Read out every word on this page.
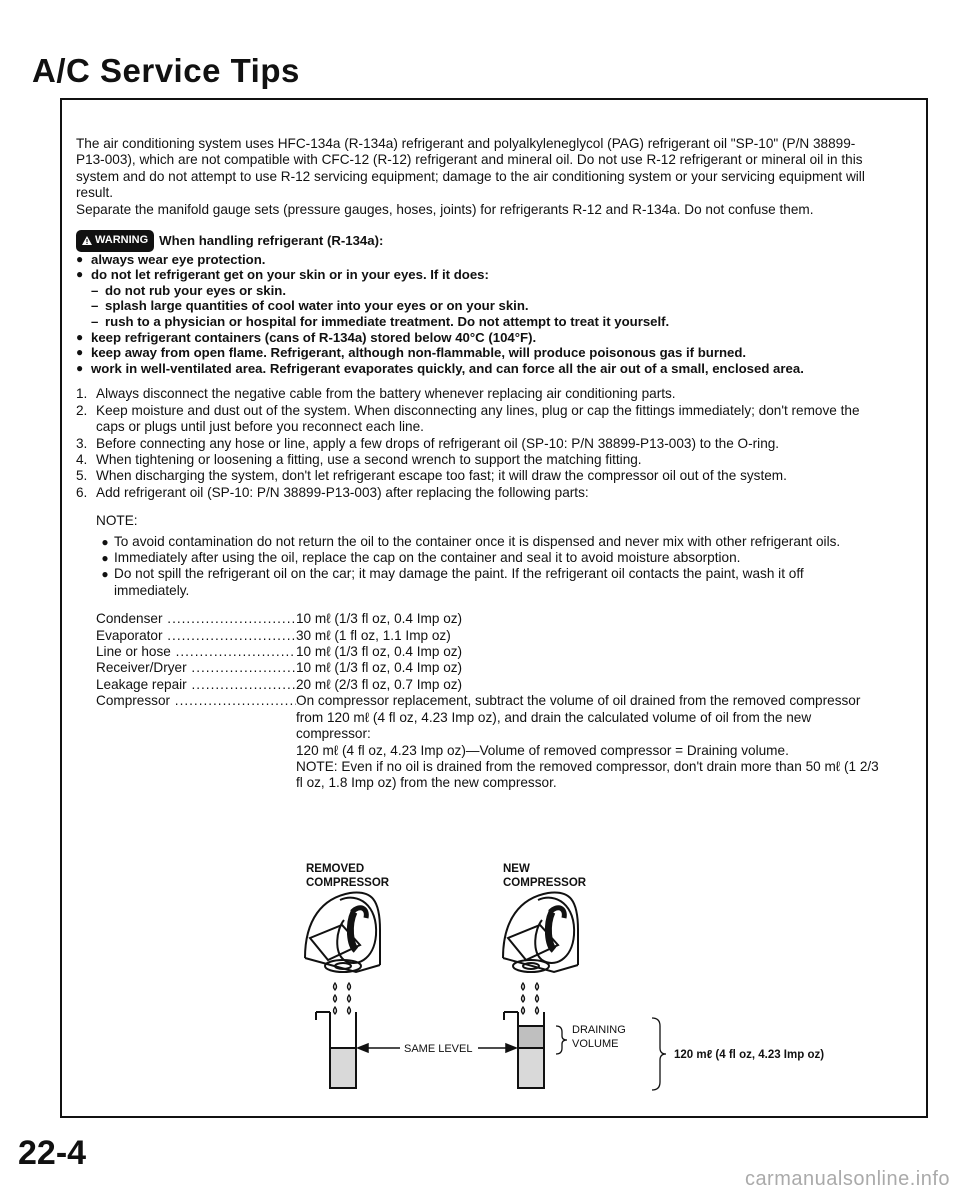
A/C Service Tips

The air conditioning system uses HFC-134a (R-134a) refrigerant and polyalkyleneglycol (PAG) refrigerant oil "SP-10" (P/N 38899-P13-003), which are not compatible with CFC-12 (R-12) refrigerant and mineral oil. Do not use R-12 refrigerant or mineral oil in this system and do not attempt to use R-12 servicing equipment; damage to the air conditioning system or your servicing equipment will result.

Separate the manifold gauge sets (pressure gauges, hoses, joints) for refrigerants R-12 and R-134a. Do not confuse them.

WARNING When handling refrigerant (R-134a):
● always wear eye protection.
● do not let refrigerant get on your skin or in your eyes. If it does:
– do not rub your eyes or skin.
– splash large quantities of cool water into your eyes or on your skin.
– rush to a physician or hospital for immediate treatment. Do not attempt to treat it yourself.
● keep refrigerant containers (cans of R-134a) stored below 40°C (104°F).
● keep away from open flame. Refrigerant, although non-flammable, will produce poisonous gas if burned.
● work in well-ventilated area. Refrigerant evaporates quickly, and can force all the air out of a small, enclosed area.
1. Always disconnect the negative cable from the battery whenever replacing air conditioning parts.
2. Keep moisture and dust out of the system. When disconnecting any lines, plug or cap the fittings immediately; don't remove the caps or plugs until just before you reconnect each line.
3. Before connecting any hose or line, apply a few drops of refrigerant oil (SP-10: P/N 38899-P13-003) to the O-ring.
4. When tightening or loosening a fitting, use a second wrench to support the matching fitting.
5. When discharging the system, don't let refrigerant escape too fast; it will draw the compressor oil out of the system.
6. Add refrigerant oil (SP-10: P/N 38899-P13-003) after replacing the following parts:
NOTE:
● To avoid contamination do not return the oil to the container once it is dispensed and never mix with other refrigerant oils.
● Immediately after using the oil, replace the cap on the container and seal it to avoid moisture absorption.
● Do not spill the refrigerant oil on the car; it may damage the paint. If the refrigerant oil contacts the paint, wash it off immediately.
Condenser .....	10 mℓ (1/3 fl oz, 0.4 Imp oz)
Evaporator .....	30 mℓ (1 fl oz, 1.1 Imp oz)
Line or hose .....	10 mℓ (1/3 fl oz, 0.4 Imp oz)
Receiver/Dryer .....	10 mℓ (1/3 fl oz, 0.4 Imp oz)
Leakage repair .....	20 mℓ (2/3 fl oz, 0.7 Imp oz)
Compressor .....	On compressor replacement, subtract the volume of oil drained from the removed compressor from 120 mℓ (4 fl oz, 4.23 Imp oz), and drain the calculated volume of oil from the new compressor:
120 mℓ (4 fl oz, 4.23 Imp oz)—Volume of removed compressor = Draining volume.
NOTE: Even if no oil is drained from the removed compressor, don't drain more than 50 mℓ (1 2/3 fl oz, 1.8 Imp oz) from the new compressor.
REMOVED
COMPRESSOR
NEW
COMPRESSOR
SAME LEVEL
DRAINING
VOLUME
120 mℓ (4 fl oz, 4.23 Imp oz)
22-4
carmanualsonline.info
